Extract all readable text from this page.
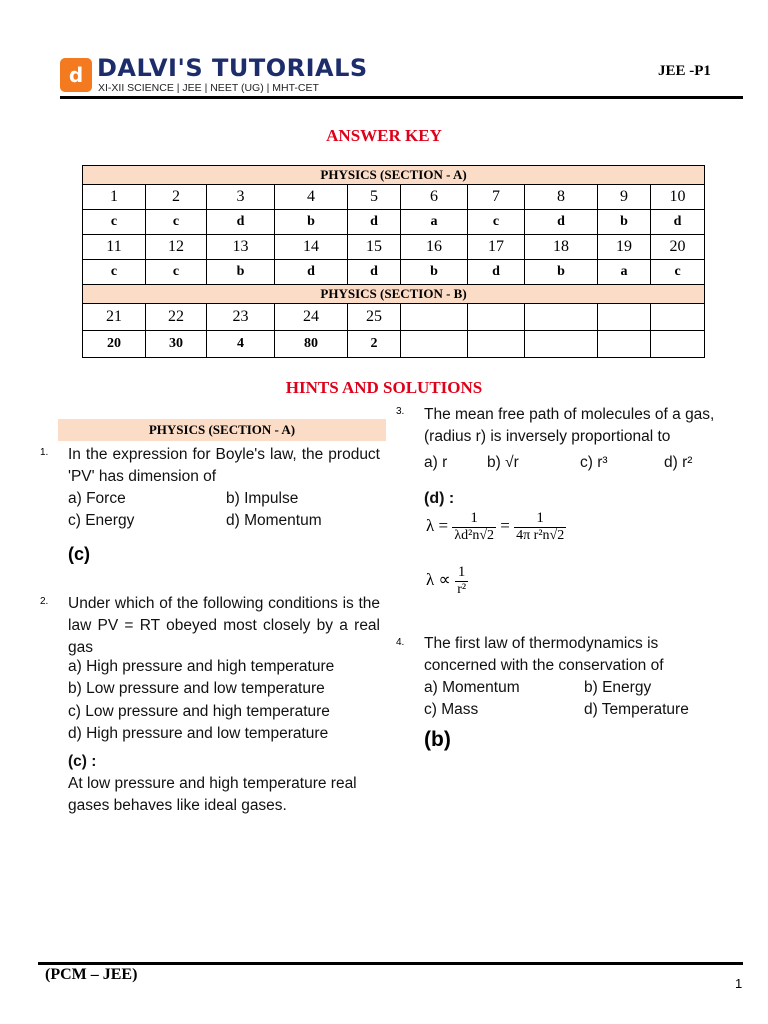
d DALVI'S TUTORIALS
XI-XII SCIENCE | JEE | NEET (UG) | MHT-CET
JEE -P1
ANSWER KEY
PHYSICS (SECTION - A)									
1	2	3	4	5	6	7	8	9	10
c	c	d	b	d	a	c	d	b	d
11	12	13	14	15	16	17	18	19	20
c	c	b	d	d	b	d	b	a	c
PHYSICS (SECTION - B)									
21	22	23	24	25					
20	30	4	80	2					
HINTS AND SOLUTIONS
PHYSICS (SECTION - A)
1. In the expression for Boyle's law, the product 'PV' has dimension of
a) Force	b) Impulse
c) Energy	d) Momentum
(c)
2. Under which of the following conditions is the law PV = RT obeyed most closely by a real gas
a) High pressure and high temperature
b) Low pressure and low temperature
c) Low pressure and high temperature
d) High pressure and low temperature
(c) :
At low pressure and high temperature real gases behaves like ideal gases.
3. The mean free path of molecules of a gas, (radius r) is inversely proportional to
a) r	b) √r	c) r³	d) r²
(d) :
$\lambda = \frac{1}{\text{λd²n√2}} = \frac{1}{\text{4π r²n√2}}$
$\lambda \propto \frac{1}{\text{r²}}$
4. The first law of thermodynamics is concerned with the conservation of
a) Momentum	b) Energy
c) Mass	d) Temperature
(b)
(PCM – JEE)
1
